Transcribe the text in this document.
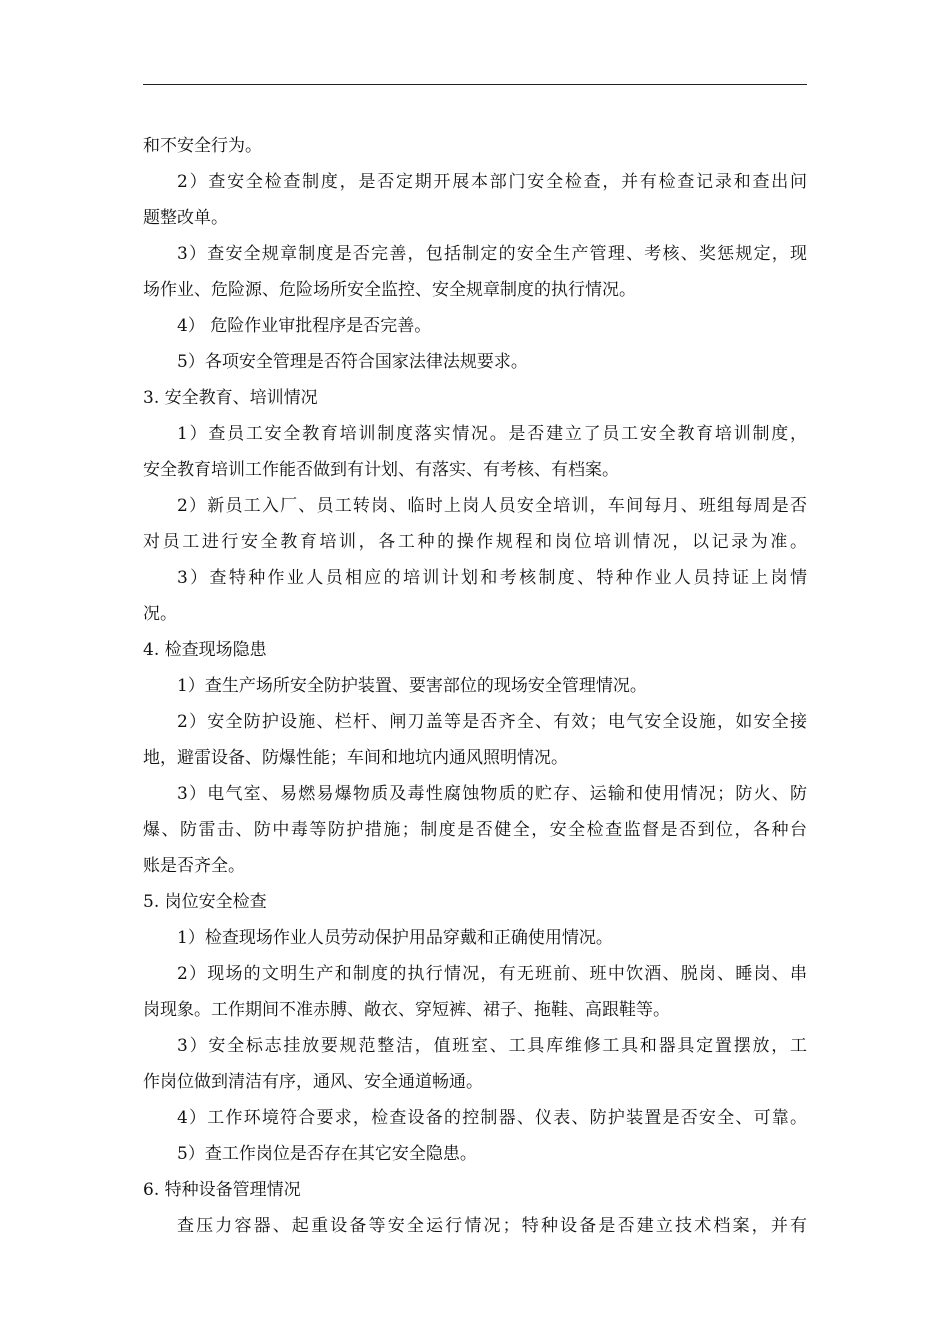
和不安全行为。
2）查安全检查制度，是否定期开展本部门安全检查，并有检查记录和查出问
题整改单。
3）查安全规章制度是否完善，包括制定的安全生产管理、考核、奖惩规定，现
场作业、危险源、危险场所安全监控、安全规章制度的执行情况。
4） 危险作业审批程序是否完善。
5）各项安全管理是否符合国家法律法规要求。
3. 安全教育、培训情况
1）查员工安全教育培训制度落实情况。是否建立了员工安全教育培训制度，
安全教育培训工作能否做到有计划、有落实、有考核、有档案。
2）新员工入厂、员工转岗、临时上岗人员安全培训，车间每月、班组每周是否
对员工进行安全教育培训，各工种的操作规程和岗位培训情况，以记录为准。
3）查特种作业人员相应的培训计划和考核制度、特种作业人员持证上岗情
况。
4. 检查现场隐患
1）查生产场所安全防护装置、要害部位的现场安全管理情况。
2）安全防护设施、栏杆、闸刀盖等是否齐全、有效；电气安全设施，如安全接
地，避雷设备、防爆性能；车间和地坑内通风照明情况。
3）电气室、易燃易爆物质及毒性腐蚀物质的贮存、运输和使用情况；防火、防
爆、防雷击、防中毒等防护措施；制度是否健全，安全检查监督是否到位，各种台
账是否齐全。
5. 岗位安全检查
1）检查现场作业人员劳动保护用品穿戴和正确使用情况。
2）现场的文明生产和制度的执行情况，有无班前、班中饮酒、脱岗、睡岗、串
岗现象。工作期间不准赤膊、敞衣、穿短裤、裙子、拖鞋、高跟鞋等。
3）安全标志挂放要规范整洁，值班室、工具库维修工具和器具定置摆放，工
作岗位做到清洁有序，通风、安全通道畅通。
4）工作环境符合要求，检查设备的控制器、仪表、防护装置是否安全、可靠。
5）查工作岗位是否存在其它安全隐患。
6. 特种设备管理情况
查压力容器、起重设备等安全运行情况；特种设备是否建立技术档案，并有
